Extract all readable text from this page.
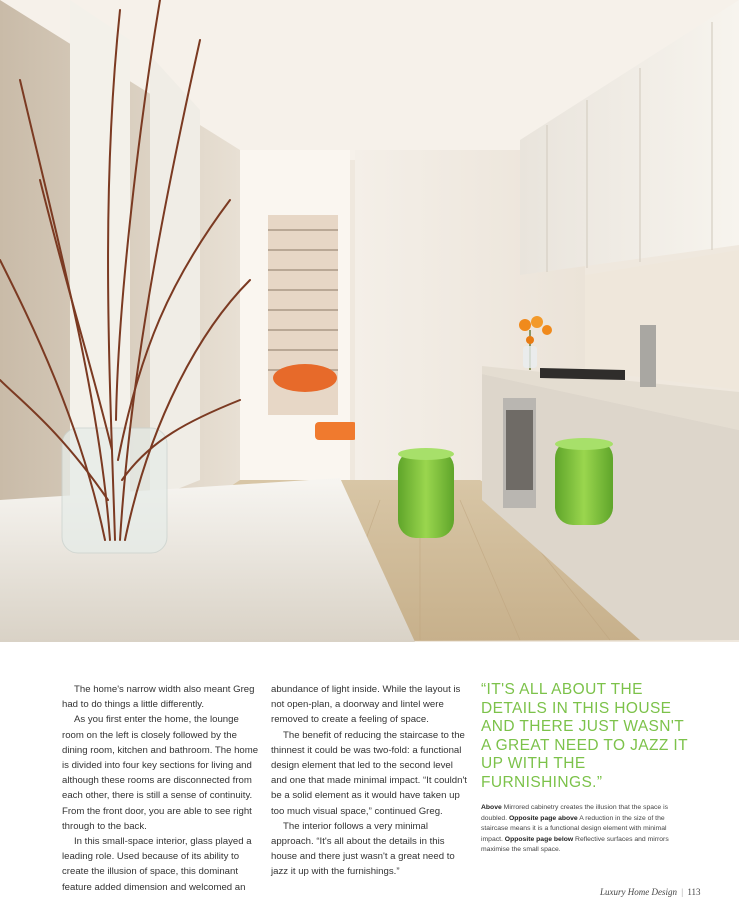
The home's narrow width also meant Greg had to do things a little differently.

As you first enter the home, the lounge room on the left is closely followed by the dining room, kitchen and bathroom. The home is divided into four key sections for living and although these rooms are disconnected from each other, there is still a sense of continuity. From the front door, you are able to see right through to the back.

In this small-space interior, glass played a leading role. Used because of its ability to create the illusion of space, this dominant feature added dimension and welcomed an

abundance of light inside. While the layout is not open-plan, a doorway and lintel were removed to create a feeling of space.

The benefit of reducing the staircase to the thinnest it could be was two-fold: a functional design element that led to the second level and one that made minimal impact. “It couldn't be a solid element as it would have taken up too much visual space,” continued Greg.

The interior follows a very minimal approach. “It's all about the details in this house and there just wasn't a great need to jazz it up with the furnishings.”

“IT'S ALL ABOUT THE DETAILS IN THIS HOUSE AND THERE JUST WASN'T A GREAT NEED TO JAZZ IT UP WITH THE FURNISHINGS.”
Above Mirrored cabinetry creates the illusion that the space is doubled. Opposite page above A reduction in the size of the staircase means it is a functional design element with minimal impact. Opposite page below Reflective surfaces and mirrors maximise the small space.
Luxury Home Design | 113
